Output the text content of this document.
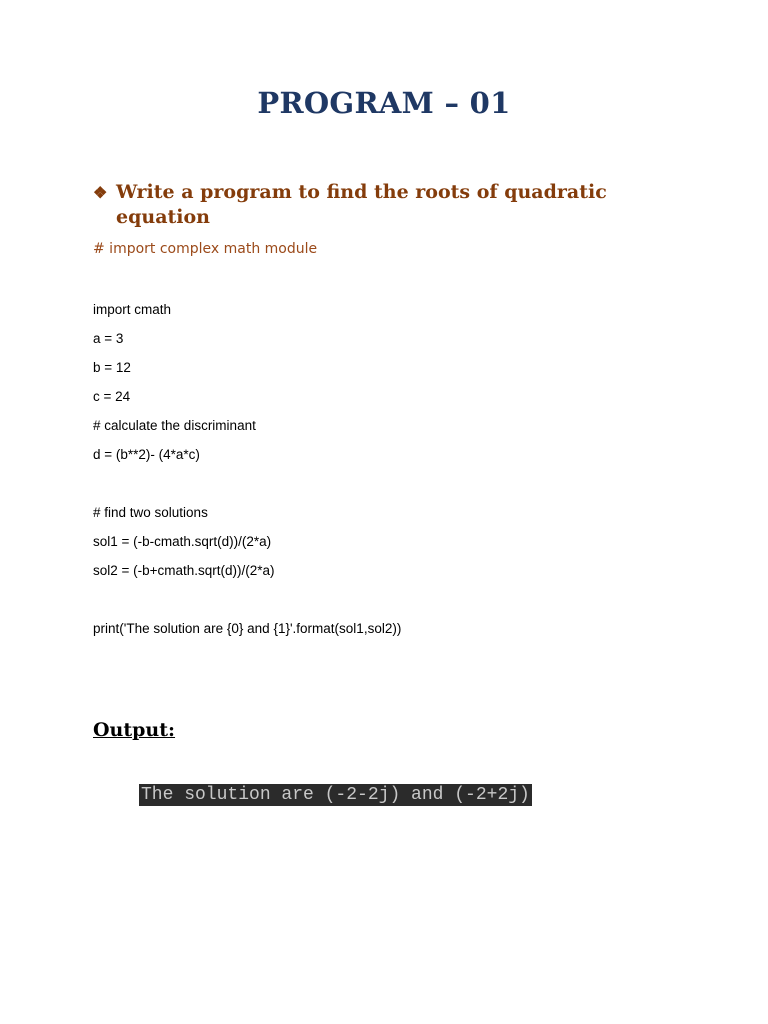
PROGRAM – 01
❖ Write a program to find the roots of quadratic equation
# import complex math module
import cmath
a = 3
b = 12
c = 24
# calculate the discriminant
d = (b**2)- (4*a*c)
# find two solutions
sol1 = (-b-cmath.sqrt(d))/(2*a)
sol2 = (-b+cmath.sqrt(d))/(2*a)
print('The solution are {0} and {1}'.format(sol1,sol2))
Output:
The solution are (-2-2j) and (-2+2j)
